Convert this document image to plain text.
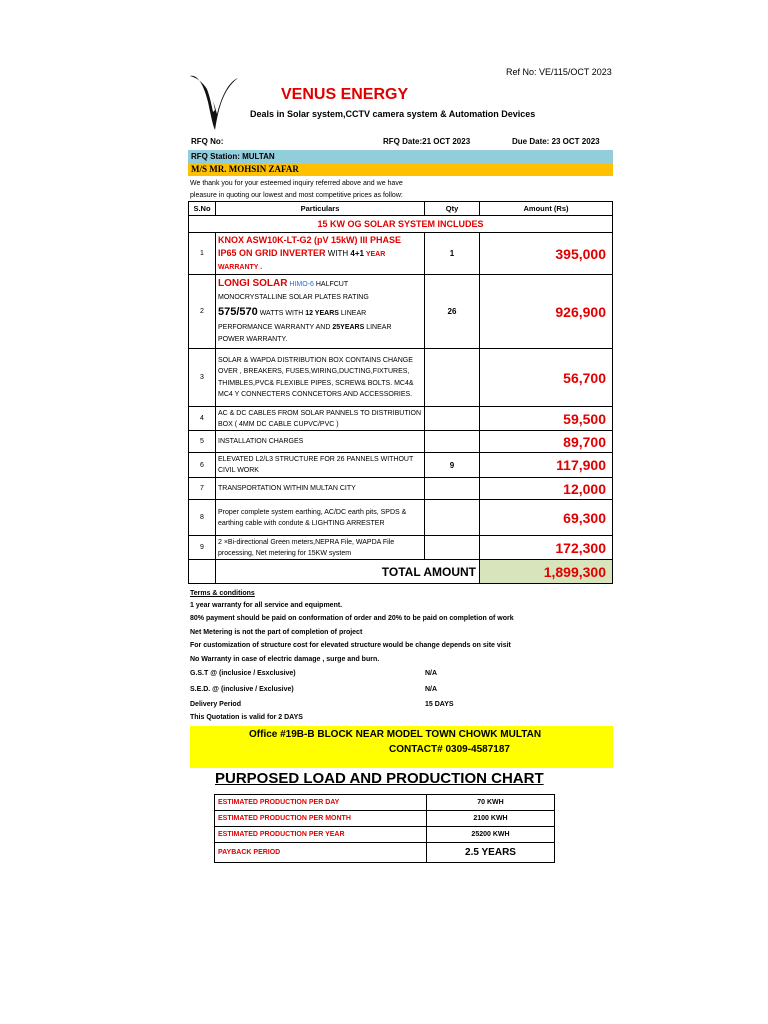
Ref No: VE/115/OCT 2023
VENUS ENERGY
Deals in Solar system,CCTV camera system & Automation Devices
RFQ No:	RFQ Date:21 OCT 2023	Due Date: 23 OCT 2023
RFQ Station: MULTAN
M/S MR. MOHSIN ZAFAR
We thank you for your esteemed inquiry referred above and we have
pleasure in quoting our lowest and most competitive prices as follow:
S.No	Particulars	Qty	Amount (Rs)
15 KW OG SOLAR SYSTEM INCLUDES			
1	KNOX ASW10K-LT-G2 (pV 15kW) III PHASE
IP65 ON GRID INVERTER WITH 4+1 YEAR
WARRANTY .	1	395,000
2	LONGI SOLAR HIMO-6 HALFCUT
MONOCRYSTALLINE SOLAR PLATES RATING
575/570 WATTS WITH 12 YEARS LINEAR
PERFORMANCE WARRANTY AND 25YEARS LINEAR
POWER WARRANTY.	26	926,900
3	SOLAR & WAPDA DISTRIBUTION BOX CONTAINS CHANGE OVER , BREAKERS, FUSES,WIRING,DUCTING,FIXTURES, THIMBLES,PVC& FLEXIBLE PIPES, SCREW& BOLTS. MC4& MC4 Y CONNECTERS CONNCETORS AND ACCESSORIES.		56,700
4	AC & DC CABLES FROM SOLAR PANNELS TO DISTRIBUTION BOX ( 4MM DC CABLE CUPVC/PVC )		59,500
5	INSTALLATION CHARGES		89,700
6	ELEVATED L2/L3 STRUCTURE FOR 26 PANNELS WITHOUT CIVIL WORK	9	117,900
7	TRANSPORTATION WITHIN MULTAN CITY		12,000
8	Proper complete system earthing, AC/DC earth pits, SPDS & earthing cable with condute & LIGHTING ARRESTER		69,300
9	2 ×Bi-directional Green meters,NEPRA File, WAPDA File processing, Net metering for 15KW system		172,300
	TOTAL AMOUNT		1,899,300
Terms & conditions
1 year warranty for all service and equipment.
80% payment should be paid on conformation of order and 20% to be paid on completion of work
Net Metering is not the part of completion of project
For customization of structure cost for elevated structure would be change depends on site visit
No Warranty in case of electric damage , surge and burn.
G.S.T @ (inclusice / Esxclusive)	N/A
S.E.D. @ (inclusive / Exclusive)	N/A
Delivery Period	15 DAYS
This Quotation is valid for 2 DAYS
Office #19B-B BLOCK NEAR MODEL TOWN CHOWK MULTAN
CONTACT# 0309-4587187
PURPOSED LOAD AND PRODUCTION CHART
ESTIMATED PRODUCTION PER DAY	70 KWH
ESTIMATED PRODUCTION PER MONTH	2100 KWH
ESTIMATED PRODUCTION PER YEAR	25200 KWH
PAYBACK PERIOD	2.5 YEARS
